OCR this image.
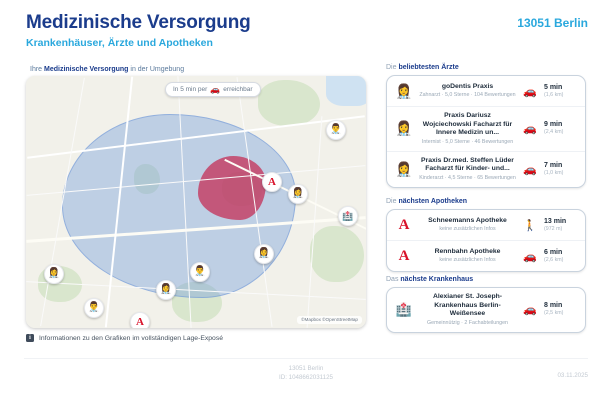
Medizinische Versorgung
Krankenhäuser, Ärzte und Apotheken
13051 Berlin
Ihre Medizinische Versorgung in der Umgebung
👩‍⚕️
👨‍⚕️
👩‍⚕️
👨‍⚕️
👩‍⚕️
👨‍⚕️
👩‍⚕️
A
A
🏥
In 5 min per 🚗 erreichbar
©Mapbox ©OpenStreetMap
i	Informationen zu den Grafiken im vollständigen Lage-Exposé
Die beliebtesten Ärzte
👩‍⚕️	goDentis Praxis
Zahnarzt · 5,0 Sterne · 104 Bewertungen 🚗	5 min
(1,6 km)
👩‍⚕️
Praxis Dariusz Wojciechowski Facharzt für Innere Medizin un...
Internist · 5,0 Sterne · 46 Bewertungen
🚗	9 min
(2,4 km)
👩‍⚕️
Praxis Dr.med. Steffen Lüder Facharzt für Kinder- und...
Kinderarzt · 4,5 Sterne · 65 Bewertungen
🚗	7 min
(1,0 km)
Die nächsten Apotheken
A	Schneemanns Apotheke
keine zusätzlichen Infos	🚶	13 min
(972 m)
A	Rennbahn Apotheke
keine zusätzlichen Infos	🚗	6 min
(2,6 km)
Das nächste Krankenhaus
🏥
Alexianer St. Joseph-Krankenhaus Berlin-Weißensee
Gemeinnützig · 2 Fachabteilungen
🚗	8 min
(2,5 km)
13051 Berlin
ID: 1048662031125	03.11.2025
